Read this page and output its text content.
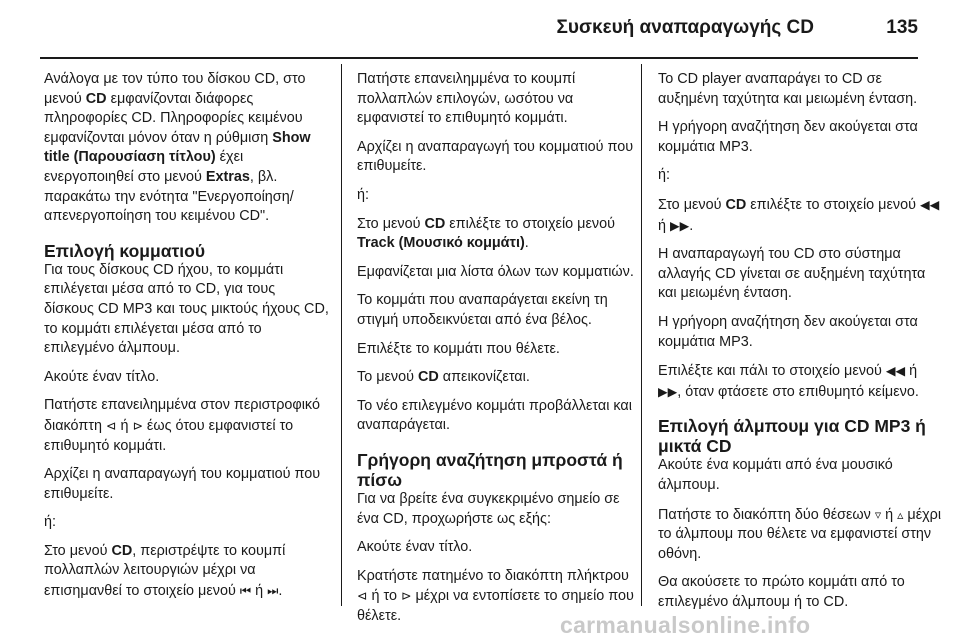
Συσκευή αναπαραγωγής CD	135

Ανάλογα με τον τύπο του δίσκου CD, στο μενού CD εμφανίζονται διάφορες πληροφορίες CD. Πληροφορίες κειμένου εμφανίζονται μόνον όταν η ρύθμιση Show title (Παρουσίαση τίτλου) έχει ενεργοποιηθεί στο μενού Extras, βλ. παρακάτω την ενότητα "Ενεργοποίηση/απενεργοποίηση του κειμένου CD".

Επιλογή κομματιού

Για τους δίσκους CD ήχου, το κομμάτι επιλέγεται μέσα από το CD, για τους δίσκους CD MP3 και τους μικτούς ήχους CD, το κομμάτι επιλέγεται μέσα από το επιλεγμένο άλμπουμ.

Ακούτε έναν τίτλο.

Πατήστε επανειλημμένα στον περιστροφικό διακόπτη ⊲ ή ⊳ έως ότου εμφανιστεί το επιθυμητό κομμάτι.

Αρχίζει η αναπαραγωγή του κομματιού που επιθυμείτε.

ή:

Στο μενού CD, περιστρέψτε το κουμπί πολλαπλών λειτουργιών μέχρι να επισημανθεί το στοιχείο μενού ⏮ ή ⏭.

Πατήστε επανειλημμένα το κουμπί πολλαπλών επιλογών, ωσότου να εμφανιστεί το επιθυμητό κομμάτι.

Αρχίζει η αναπαραγωγή του κομματιού που επιθυμείτε.

ή:

Στο μενού CD επιλέξτε το στοιχείο μενού Track (Μουσικό κομμάτι).

Εμφανίζεται μια λίστα όλων των κομματιών.

Το κομμάτι που αναπαράγεται εκείνη τη στιγμή υποδεικνύεται από ένα βέλος.

Επιλέξτε το κομμάτι που θέλετε.

Το μενού CD απεικονίζεται.

Το νέο επιλεγμένο κομμάτι προβάλλεται και αναπαράγεται.

Γρήγορη αναζήτηση μπροστά ή πίσω

Για να βρείτε ένα συγκεκριμένο σημείο σε ένα CD, προχωρήστε ως εξής:

Ακούτε έναν τίτλο.

Κρατήστε πατημένο το διακόπτη πλήκτρου ⊲ ή το ⊳ μέχρι να εντοπίσετε το σημείο που θέλετε.

Το CD player αναπαράγει το CD σε αυξημένη ταχύτητα και μειωμένη ένταση.

Η γρήγορη αναζήτηση δεν ακούγεται στα κομμάτια MP3.

ή:

Στο μενού CD επιλέξτε το στοιχείο μενού ◀◀ ή ▶▶.

Η αναπαραγωγή του CD στο σύστημα αλλαγής CD γίνεται σε αυξημένη ταχύτητα και μειωμένη ένταση.

Η γρήγορη αναζήτηση δεν ακούγεται στα κομμάτια MP3.

Επιλέξτε και πάλι το στοιχείο μενού ◀◀ ή ▶▶, όταν φτάσετε στο επιθυμητό κείμενο.

Επιλογή άλμπουμ για CD MP3 ή μικτά CD

Ακούτε ένα κομμάτι από ένα μουσικό άλμπουμ.

Πατήστε το διακόπτη δύο θέσεων ▿ ή ▵ μέχρι το άλμπουμ που θέλετε να εμφανιστεί στην οθόνη.

Θα ακούσετε το πρώτο κομμάτι από το επιλεγμένο άλμπουμ ή το CD.

carmanualsonline.info
